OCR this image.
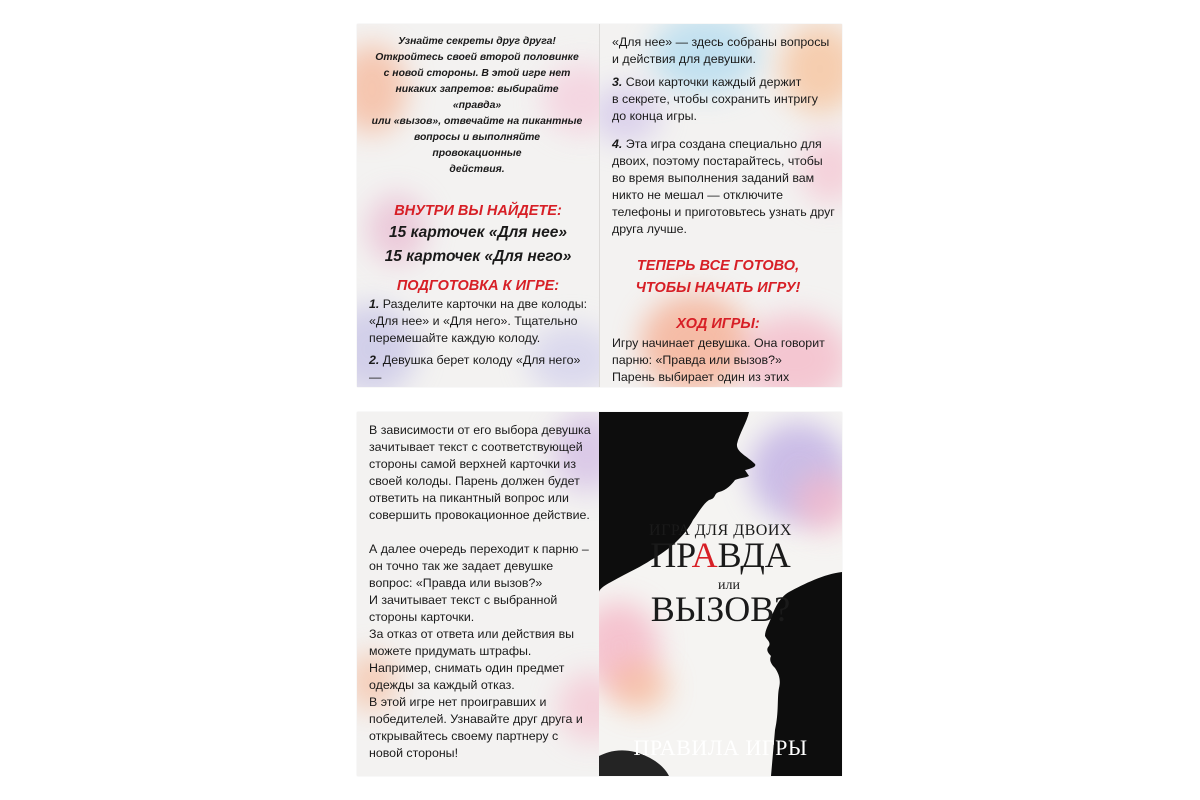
Узнайте секреты друг друга!
Откройтесь своей второй половинке
с новой стороны. В этой игре нет
никаких запретов: выбирайте «правда»
или «вызов», отвечайте на пикантные
вопросы и выполняйте провокационные
действия.
ВНУТРИ ВЫ НАЙДЕТЕ:
15 карточек «Для нее»
15 карточек «Для него»
ПОДГОТОВКА К ИГРЕ:

1. Разделите карточки на две колоды:
«Для нее» и «Для него». Тщательно
перемешайте каждую колоду.

2. Девушка берет колоду «Для него» —

«Для нее» — здесь собраны вопросы
и действия для девушки.

3. Свои карточки каждый держит
в секрете, чтобы сохранить интригу
до конца игры.

4. Эта игра создана специально для
двоих, поэтому постарайтесь, чтобы
во время выполнения заданий вам
никто не мешал — отключите
телефоны и приготовьтесь узнать друг
друга лучше.

ТЕПЕРЬ ВСЕ ГОТОВО,
ЧТОБЫ НАЧАТЬ ИГРУ!
ХОД ИГРЫ:

Игру начинает девушка. Она говорит
парню: «Правда или вызов?»
Парень выбирает один из этих

В зависимости от его выбора девушка
зачитывает текст с соответствующей
стороны самой верхней карточки из
своей колоды. Парень должен будет
ответить на пикантный вопрос или
совершить провокационное действие.

А далее очередь переходит к парню –
он точно так же задает девушке
вопрос: «Правда или вызов?»
И зачитывает текст с выбранной
стороны карточки.
За отказ от ответа или действия вы
можете придумать штрафы.
Например, снимать один предмет
одежды за каждый отказ.
В этой игре нет проигравших и
победителей. Узнавайте друг друга и
открывайтесь своему партнеру с
новой стороны!

ИГРА ДЛЯ ДВОИХ
ПРАВДА
или
ВЫЗОВ?
ПРАВИЛА ИГРЫ
